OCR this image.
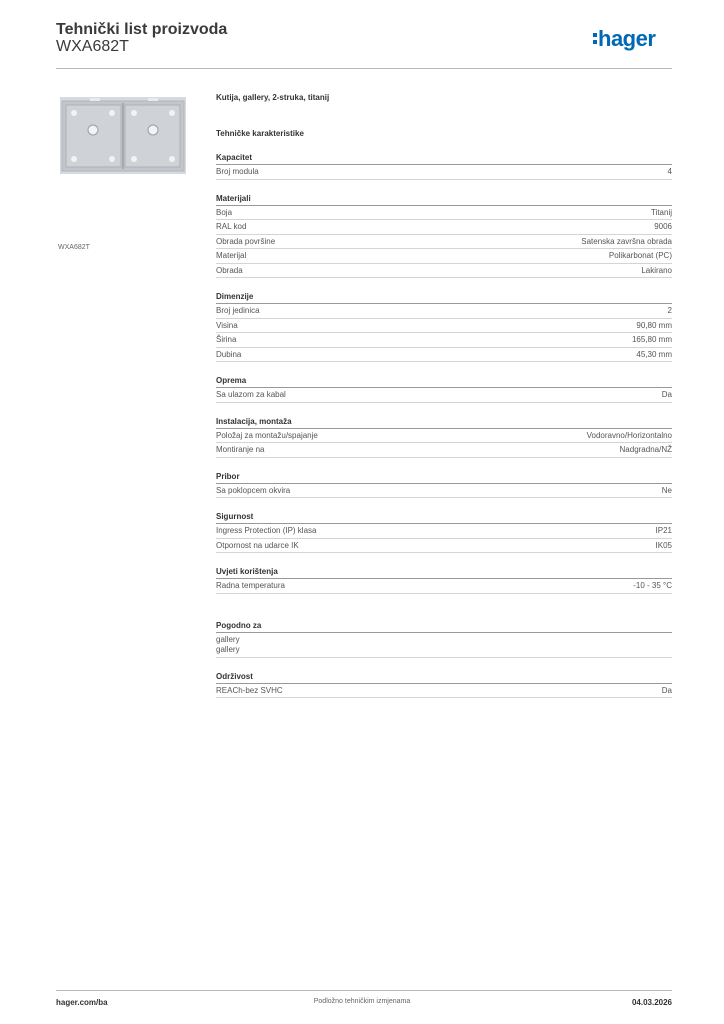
Tehnički list proizvoda
WXA682T	hager
WXA682T
Kutija, gallery, 2-struka, titanij
Tehničke karakteristike
Kapacitet
Broj modula	4
Materijali
Boja	Titanij
RAL kod	9006
Obrada površine	Satenska završna obrada
Materijal	Polikarbonat (PC)
Obrada	Lakirano
Dimenzije
Broj jedinica	2
Visina	90,80 mm
Širina	165,80 mm
Dubina	45,30 mm
Oprema
Sa ulazom za kabal	Da
Instalacija, montaža
Položaj za montažu/spajanje	Vodoravno/Horizontalno
Montiranje na	Nadgradna/NŽ
Pribor
Sa poklopcem okvira	Ne
Sigurnost
Ingress Protection (IP) klasa	IP21
Otpornost na udarce IK	IK05
Uvjeti korištenja
Radna temperatura	-10 - 35 °C
Pogodno za
gallery
gallery
Održivost
REACh-bez SVHC	Da
hager.com/ba	Podložno tehničkim izmjenama	04.03.2026
